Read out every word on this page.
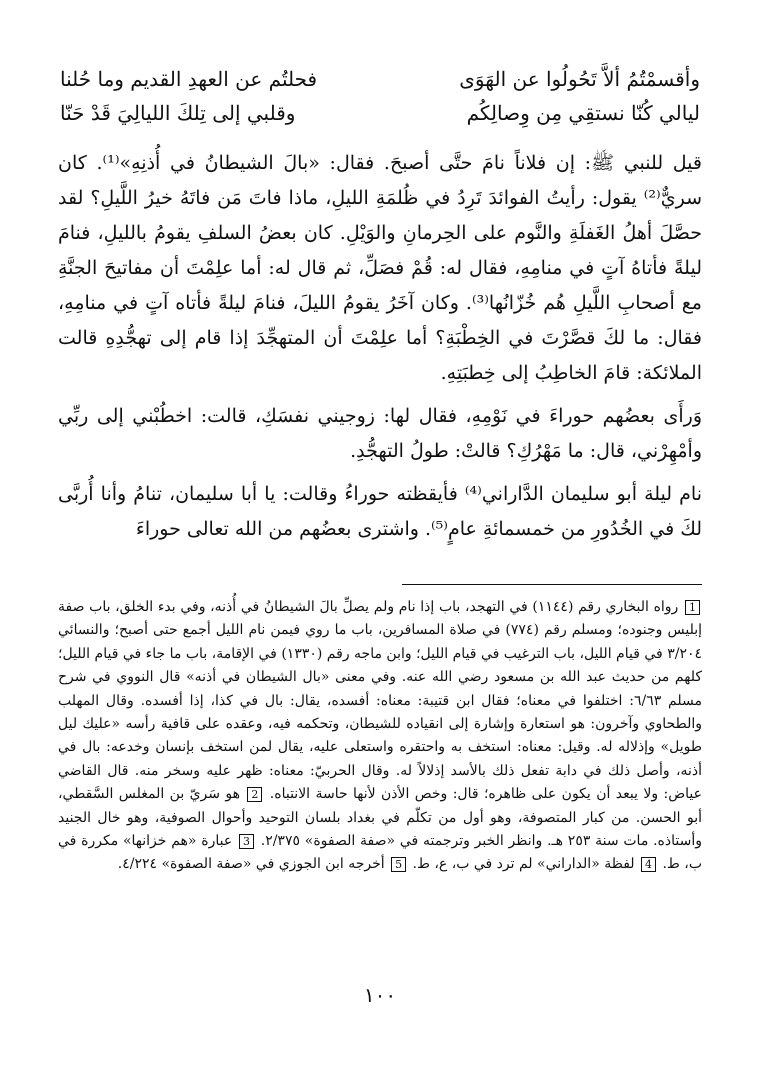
وأقسمْتُمُ ألاَّ تَحُولُوا عن الهَوَى
فحلتُم عن العهدِ القديم وما حُلنا
ليالي كُنّا نستقِي مِن وِصالِكُم
وقلبي إلى تِلكَ الليالِيَ قَدْ حَنّا

قيل للنبي ﷺ: إن فلاناً نامَ حتَّى أصبحَ. فقال: «بالَ الشيطانُ في أُذنِهِ»⁽¹⁾. كان سريٌّ⁽²⁾ يقول: رأيتُ الفوائدَ تَرِدُ في ظُلمَةِ الليلِ، ماذا فاتَ مَن فاتَهُ خيرُ اللَّيلِ؟ لقد حصَّلَ أهلُ الغَفلَةِ والنَّوم على الحِرمانِ والوَيْلِ. كان بعضُ السلفِ يقومُ بالليلِ، فنامَ ليلةً فأتاهُ آتٍ في منامِهِ، فقال له: قُمْ فصَلِّ، ثم قال له: أما علِمْتَ أن مفاتيحَ الجنَّةِ مع أصحابِ اللَّيلِ هُم خُزّانُها⁽³⁾. وكان آخَرُ يقومُ الليلَ، فنامَ ليلةً فأتاه آتٍ في منامِهِ، فقال: ما لكَ قصَّرْتَ في الخِطْبَةِ؟ أما علِمْتَ أن المتهجِّدَ إذا قام إلى تهجُّدِهِ قالت الملائكة: قامَ الخاطِبُ إلى خِطبَتِهِ.

وَرأَى بعضُهم حوراءَ في نَوْمِهِ، فقال لها: زوجيني نفسَكِ، قالت: اخطُبْني إلى ربِّي وأمْهِرْني، قال: ما مَهْرُكِ؟ قالتْ: طولُ التهجُّدِ.

نام ليلة أبو سليمان الدَّاراني⁽⁴⁾ فأيقظته حوراءُ وقالت: يا أبا سليمان، تنامُ وأنا أُربَّى لكَ في الخُدُورِ من خمسمائةِ عامٍ⁽⁵⁾. واشترى بعضُهم من الله تعالى حوراءَ

1 رواه البخاري رقم (١١٤٤) في التهجد، باب إذا نام ولم يصلِّ بالَ الشيطانُ في أُذنه، وفي بدء الخلق، باب صفة إبليس وجنوده؛ ومسلم رقم (٧٧٤) في صلاة المسافرين، باب ما روي فيمن نام الليل أجمع حتى أصبح؛ والنسائي ٣/٢٠٤ في قيام الليل، باب الترغيب في قيام الليل؛ وابن ماجه رقم (١٣٣٠) في الإقامة، باب ما جاء في قيام الليل؛ كلهم من حديث عبد الله بن مسعود رضي الله عنه. وفي معنى «بال الشيطان في أذنه» قال النووي في شرح مسلم ٦/٦٣: اختلفوا في معناه؛ فقال ابن قتيبة: معناه: أفسده، يقال: بال في كذا، إذا أفسده. وقال المهلب والطحاوي وآخرون: هو استعارة وإشارة إلى انقياده للشيطان، وتحكمه فيه، وعقده على قافية رأسه «عليك ليل طويل» وإذلاله له. وقيل: معناه: استخف به واحتقره واستعلى عليه، يقال لمن استخف بإنسان وخدعه: بال في أذنه، وأصل ذلك في دابة تفعل ذلك بالأسد إذلالاً له. وقال الحربيّ: معناه: ظهر عليه وسخر منه. قال القاضي عياض: ولا يبعد أن يكون على ظاهره؛ قال: وخص الأذن لأنها حاسة الانتباه. 2 هو سَريّ بن المغلس السَّقطي، أبو الحسن. من كبار المتصوفة، وهو أول من تكلّم في بغداد بلسان التوحيد وأحوال الصوفية، وهو خال الجنيد وأستاذه. مات سنة ٢٥٣ هـ. وانظر الخبر وترجمته في «صفة الصفوة» ٢/٣٧٥. 3 عبارة «هم خزانها» مكررة في ب، ط. 4 لفظة «الداراني» لم ترد في ب، ع، ط. 5 أخرجه ابن الجوزي في «صفة الصفوة» ٤/٢٢٤.
١٠٠
